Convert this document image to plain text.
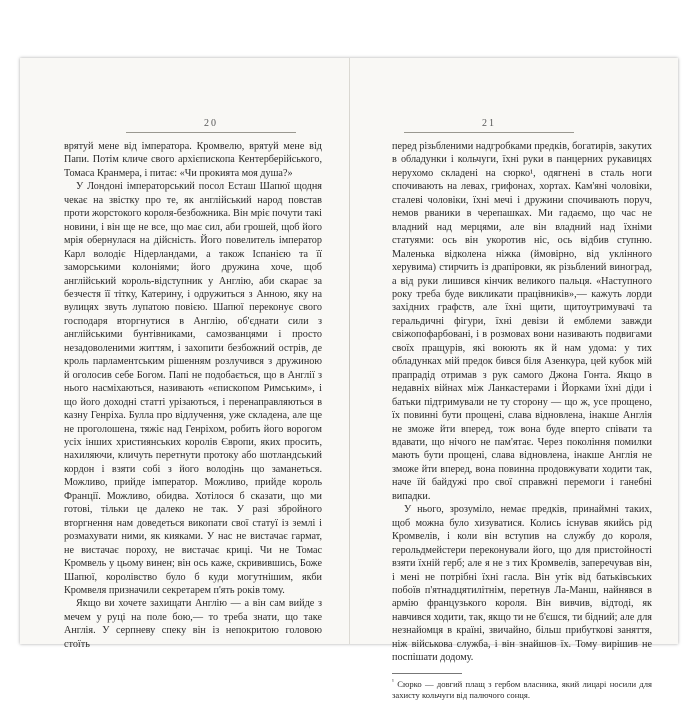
20

врятуй мене від імператора. Кромвелю, врятуй мене від Папи. Потім кличе свого архієпископа Кентерберійського, Томаса Кранмера, і питає: «Чи прокията моя душа?»

У Лондоні імператорський посол Есташ Шапюї щодня чекає на звістку про те, як англійський народ повстав проти жорстокого короля-безбожника. Він мріє почути такі новини, і він ще не все, що має сил, аби грошей, щоб його мрія обернулася на дійсність. Його повелитель імператор Карл володіє Нідерландами, а також Іспанією та її заморськими колоніями; його дружина хоче, щоб англійський король-відступник у Англію, аби скарає за безчестя її тітку, Катерину, і одружиться з Анною, яку на вулицях звуть лупатою повією. Шапюї переконує свого господаря вторгнутися в Англію, об'єднати сили з англійськими бунтівниками, самозванцями і просто незадоволеними життям, і захопити безбожний острів, де кроль парламентським рішенням розлучився з дружиною й оголосив себе Богом. Папі не подобається, що в Англії з нього насміхаються, називають «єпископом Римським», і що його доходні статті урізаються, і перенаправляються в казну Генріха. Булла про відлучення, уже складена, але ще не проголошена, тяжіє над Генріхом, робить його ворогом усіх інших християнських королів Європи, яких просить, нахиляючи, кличуть перетнути протоку або шотландський кордон і взяти собі з його володінь що заманеться. Можливо, прийде імператор. Можливо, прийде король Франції. Можливо, обидва. Хотілося б сказати, що ми готові, тільки це далеко не так. У разі збройного вторгнення нам доведеться викопати свої статуї із землі і розмахувати ними, як кияками. У нас не вистачає гармат, не вистачає пороху, не вистачає криці. Чи не Томас Кромвель у цьому винен; він ось каже, скривившись, Боже Шапюї, королівство було б куди могутнішим, якби Кромвеля призначили секретарем п'ять років тому.

Якщо ви хочете захищати Англію — а він сам вийде з мечем у руці на поле бою,— то треба знати, що таке Англія. У серпневу спеку він із непокритою головою стоїть

21

перед різьбленими надгробками предків, богатирів, закутих в обладунки і кольчуги, їхні руки в панцерних рукавицях нерухомо складені на сюрко¹, одягнені в сталь ноги спочивають на левах, грифонах, хортах. Кам'яні чоловіки, сталеві чоловіки, їхні мечі і дружини спочивають поруч, немов рваники в черепашках. Ми гадаємо, що час не владний над мерцями, але він владний над їхніми статуями: ось він укоротив ніс, ось відбив ступню. Маленька відколена ніжка (ймовірно, від уклінного херувима) стирчить із драпіровки, як різьблений виноград, а від руки лишився кінчик великого пальця. «Наступного року треба буде викликати працівників»,— кажуть лорди західних графств, але їхні щити, щитоутримувачі та геральдичні фігури, їхні девізи й емблеми завжди свіжопофарбовані, і в розмовах вони називають подвигами своїх пращурів, які воюють як й нам удома: у тих обладунках мій предок бився біля Азенкура, цей кубок мій прапрадід отримав з рук самого Джона Гонта. Якщо в недавніх війнах між Ланкастерами і Йорками їхні діди і батьки підтримували не ту сторону — що ж, усе прощено, їх повинні бути прощені, слава відновлена, інакше Англія не зможе йти вперед, тож вона буде вперто співати та вдавати, що нічого не пам'ятає. Через покоління помилки мають бути прощені, слава відновлена, інакше Англія не зможе йти вперед, вона повинна продовжувати ходити так, наче їй байдужі про свої справжні перемоги і ганебні випадки.

У нього, зрозуміло, немає предків, принаймні таких, щоб можна було хизуватися. Колись існував якийсь рід Кромвелів, і коли він вступив на службу до короля, герольдмейстери переконували його, що для пристойності взяти їхній герб; але я не з тих Кромвелів, заперечував він, і мені не потрібні їхні гасла. Він утік від батьківських побоїв п'ятнадцятилітнім, перетнув Ла-Манш, найнявся в армію французького короля. Він вивчив, відтоді, як навчився ходити, так, якщо ти не б'єшся, ти бідний; але для незнайомця в країні, звичайно, більш прибуткові заняття, ніж військова служба, і він знайшов їх. Тому вирішив не поспішати додому.

$^{^1}$ Сюрко — довгий плащ з гербом власника, який лицарі носили для захисту кольчуги від палючого сонця.
